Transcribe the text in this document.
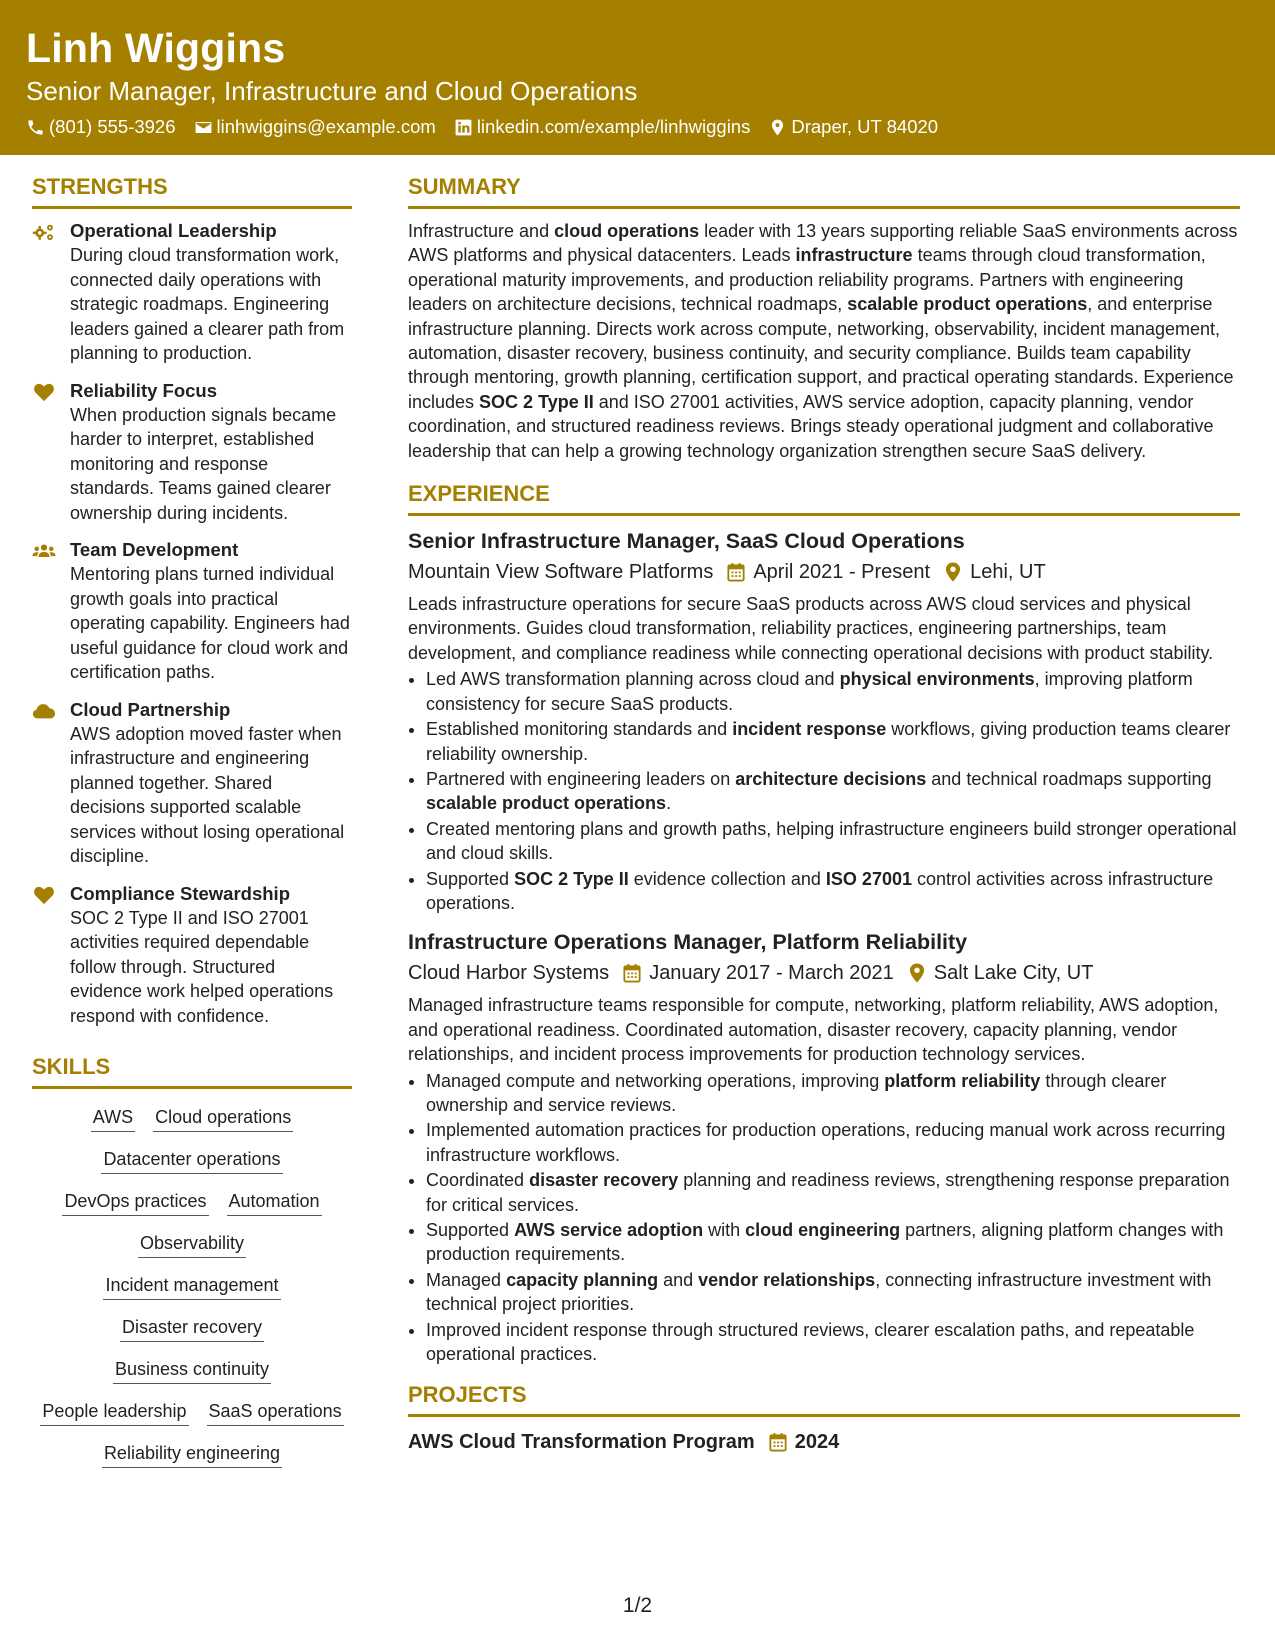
Linh Wiggins
Senior Manager, Infrastructure and Cloud Operations
(801) 555-3926 linhwiggins@example.com linkedin.com/example/linhwiggins Draper, UT 84020
STRENGTHS
Operational Leadership
During cloud transformation work, connected daily operations with strategic roadmaps. Engineering leaders gained a clearer path from planning to production.
Reliability Focus
When production signals became harder to interpret, established monitoring and response standards. Teams gained clearer ownership during incidents.
Team Development
Mentoring plans turned individual growth goals into practical operating capability. Engineers had useful guidance for cloud work and certification paths.
Cloud Partnership
AWS adoption moved faster when infrastructure and engineering planned together. Shared decisions supported scalable services without losing operational discipline.
Compliance Stewardship
SOC 2 Type II and ISO 27001 activities required dependable follow through. Structured evidence work helped operations respond with confidence.
SKILLS
AWS Cloud operations
Datacenter operations
DevOps practices Automation
Observability
Incident management
Disaster recovery
Business continuity
People leadership SaaS operations
Reliability engineering
SUMMARY
Infrastructure and cloud operations leader with 13 years supporting reliable SaaS environments across AWS platforms and physical datacenters. Leads infrastructure teams through cloud transformation, operational maturity improvements, and production reliability programs. Partners with engineering leaders on architecture decisions, technical roadmaps, scalable product operations, and enterprise infrastructure planning. Directs work across compute, networking, observability, incident management, automation, disaster recovery, business continuity, and security compliance. Builds team capability through mentoring, growth planning, certification support, and practical operating standards. Experience includes SOC 2 Type II and ISO 27001 activities, AWS service adoption, capacity planning, vendor coordination, and structured readiness reviews. Brings steady operational judgment and collaborative leadership that can help a growing technology organization strengthen secure SaaS delivery.
EXPERIENCE
Senior Infrastructure Manager, SaaS Cloud Operations
Mountain View Software Platforms April 2021 - Present Lehi, UT
Leads infrastructure operations for secure SaaS products across AWS cloud services and physical environments. Guides cloud transformation, reliability practices, engineering partnerships, team development, and compliance readiness while connecting operational decisions with product stability.
• Led AWS transformation planning across cloud and physical environments, improving platform consistency for secure SaaS products.
• Established monitoring standards and incident response workflows, giving production teams clearer reliability ownership.
• Partnered with engineering leaders on architecture decisions and technical roadmaps supporting scalable product operations.
• Created mentoring plans and growth paths, helping infrastructure engineers build stronger operational and cloud skills.
• Supported SOC 2 Type II evidence collection and ISO 27001 control activities across infrastructure operations.
Infrastructure Operations Manager, Platform Reliability
Cloud Harbor Systems January 2017 - March 2021 Salt Lake City, UT
Managed infrastructure teams responsible for compute, networking, platform reliability, AWS adoption, and operational readiness. Coordinated automation, disaster recovery, capacity planning, vendor relationships, and incident process improvements for production technology services.
• Managed compute and networking operations, improving platform reliability through clearer ownership and service reviews.
• Implemented automation practices for production operations, reducing manual work across recurring infrastructure workflows.
• Coordinated disaster recovery planning and readiness reviews, strengthening response preparation for critical services.
• Supported AWS service adoption with cloud engineering partners, aligning platform changes with production requirements.
• Managed capacity planning and vendor relationships, connecting infrastructure investment with technical project priorities.
• Improved incident response through structured reviews, clearer escalation paths, and repeatable operational practices.
PROJECTS
AWS Cloud Transformation Program 2024
1/2
